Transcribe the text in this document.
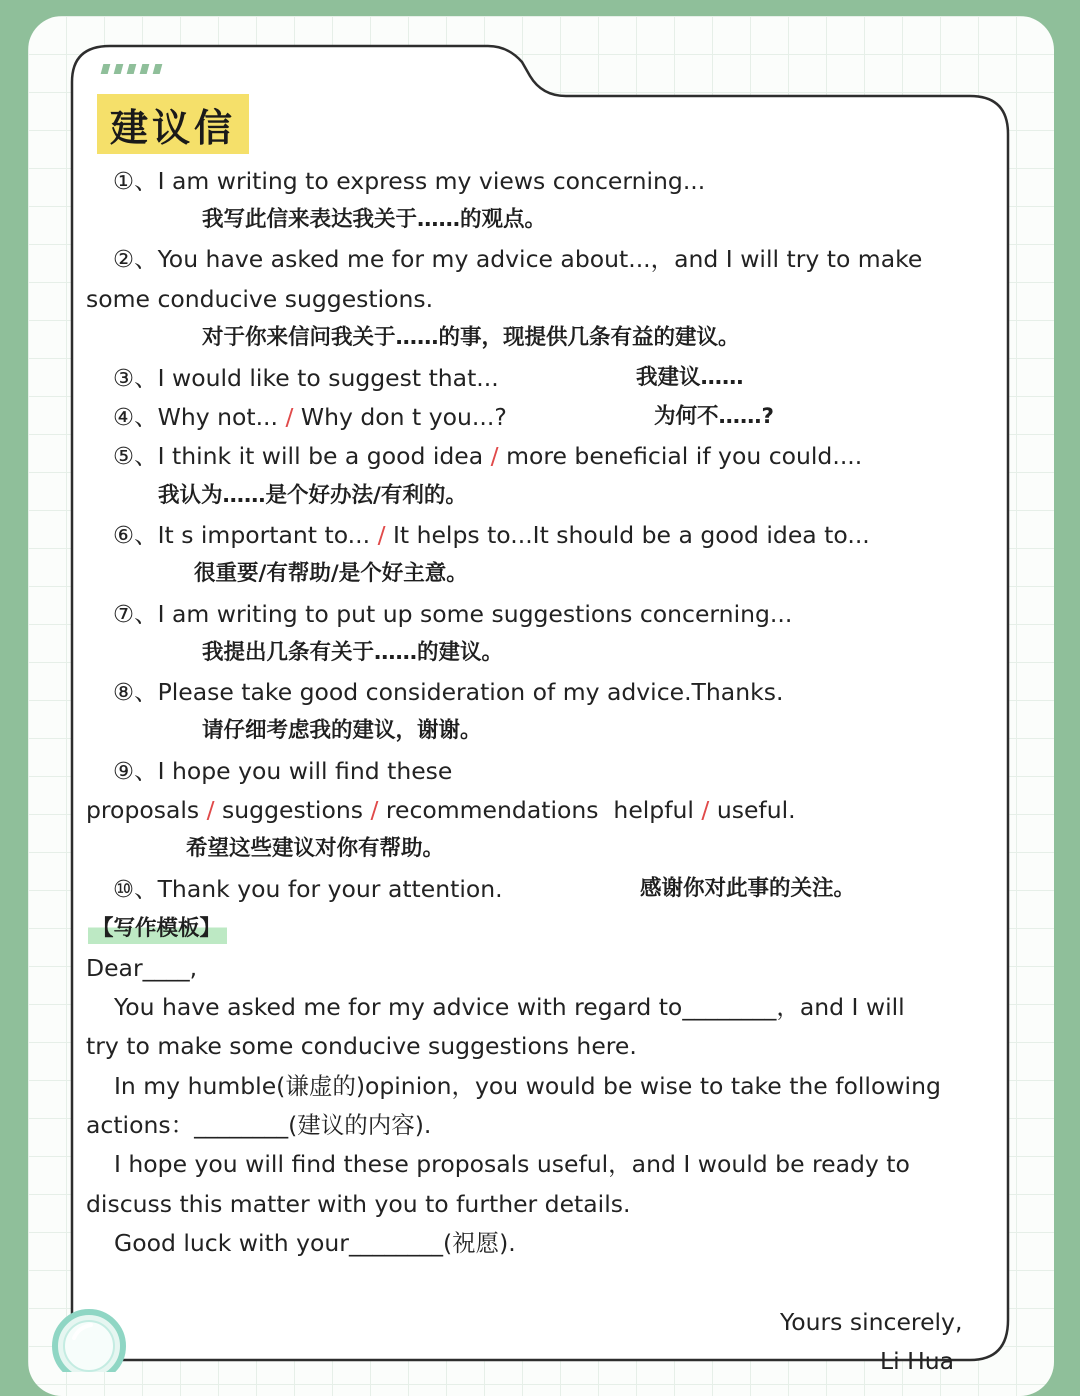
建议信
①、I am writing to express my views concerning...
我写此信来表达我关于……的观点。
②、You have asked me for my advice about...，and I will try to make
some conducive suggestions.
对于你来信问我关于……的事，现提供几条有益的建议。
③、I would like to suggest that...	我建议……
④、Why not... / Why don t you...?	为何不……?
⑤、I think it will be a good idea / more beneficial if you could....
我认为……是个好办法/有利的。
⑥、It s important to... / It helps to...It should be a good idea to...
很重要/有帮助/是个好主意。
⑦、I am writing to put up some suggestions concerning...
我提出几条有关于……的建议。
⑧、Please take good consideration of my advice.Thanks.
请仔细考虑我的建议，谢谢。
⑨、I hope you will find these
proposals / suggestions / recommendations  helpful / useful.
希望这些建议对你有帮助。
⑩、Thank you for your attention.	感谢你对此事的关注。
【写作模板】
Dear____,
You have asked me for my advice with regard to________，and I will
try to make some conducive suggestions here.
In my humble(谦虚的)opinion，you would be wise to take the following
actions：________(建议的内容).
I hope you will find these proposals useful，and I would be ready to
discuss this matter with you to further details.
Good luck with your________(祝愿).
Yours sincerely,
Li Hua
